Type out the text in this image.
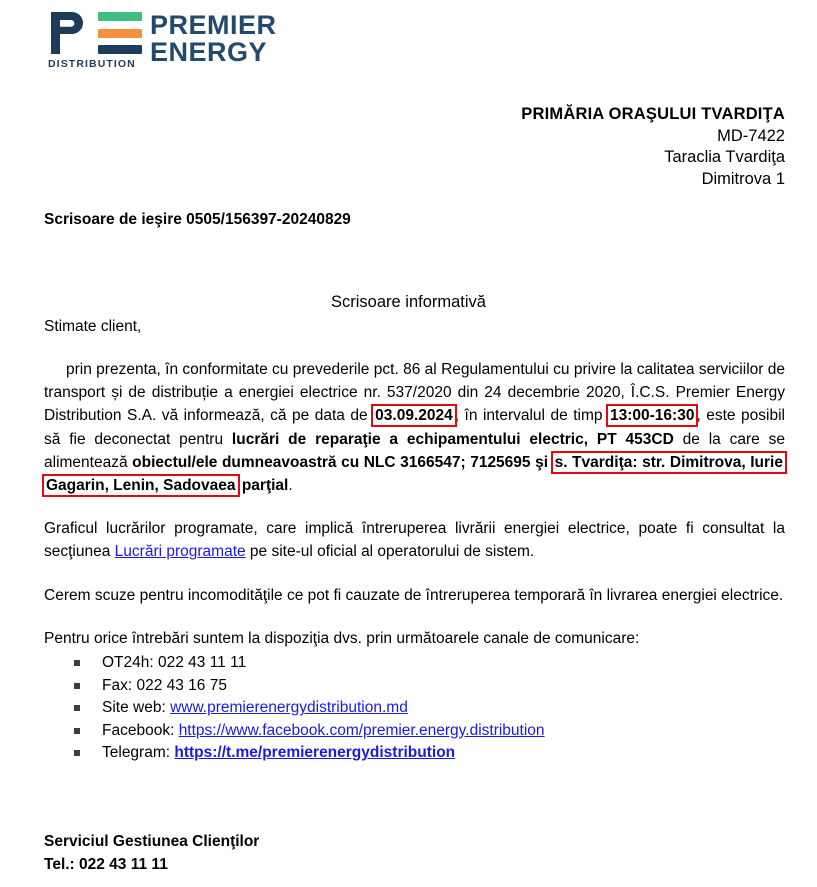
DISTRIBUTION
PREMIER
ENERGY
PRIMĂRIA ORAŞULUI TVARDIŢA
MD-7422
Taraclia Tvardiţa
Dimitrova 1
Scrisoare de ieşire 0505/156397-20240829
Scrisoare informativă
Stimate client,

prin prezenta, în conformitate cu prevederile pct. 86 al Regulamentului cu privire la calitatea serviciilor de transport și de distribuție a energiei electrice nr. 537/2020 din 24 decembrie 2020, Î.C.S. Premier Energy Distribution S.A. vă informează, că pe data de 03.09.2024 , în intervalul de timp 13:00-16:30 , este posibil să fie deconectat pentru lucrări de reparaţie a echipamentului electric, PT 453CD de la care se alimentează obiectul/ele dumneavoastră cu NLC 3166547; 7125695 şi s. Tvardiţa: str. Dimitrova, Iurie Gagarin, Lenin, Sadovaea parţial.

Graficul lucrărilor programate, care implică întreruperea livrării energiei electrice, poate fi consultat la secţiunea Lucrări programate pe site-ul oficial al operatorului de sistem.

Cerem scuze pentru incomodităţile ce pot fi cauzate de întreruperea temporară în livrarea energiei electrice.

Pentru orice întrebări suntem la dispoziţia dvs. prin următoarele canale de comunicare:

OT24h: 022 43 11 11
Fax: 022 43 16 75
Site web: www.premierenergydistribution.md
Facebook: https://www.facebook.com/premier.energy.distribution
Telegram: https://t.me/premierenergydistribution
Serviciul Gestiunea Clienţilor
Tel.: 022 43 11 11
